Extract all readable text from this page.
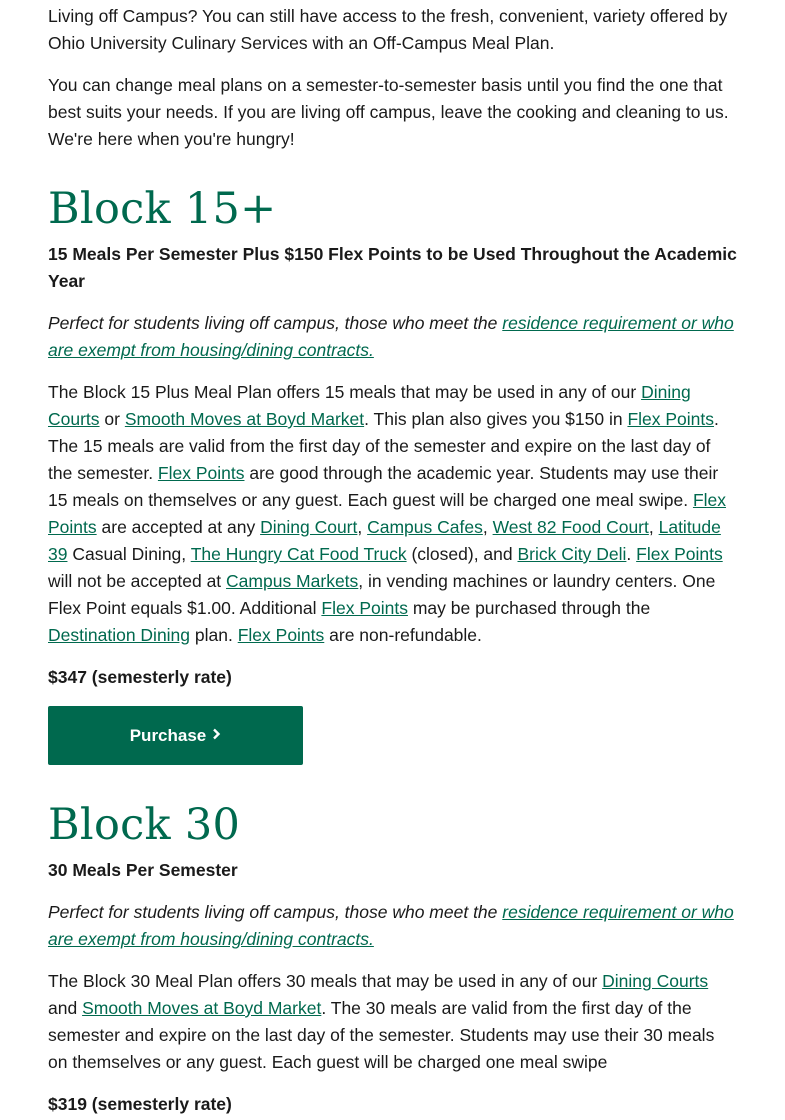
Living off Campus? You can still have access to the fresh, convenient, variety offered by Ohio University Culinary Services with an Off-Campus Meal Plan.

You can change meal plans on a semester-to-semester basis until you find the one that best suits your needs. If you are living off campus, leave the cooking and cleaning to us. We're here when you're hungry!

Block 15+

15 Meals Per Semester Plus $150 Flex Points to be Used Throughout the Academic Year

Perfect for students living off campus, those who meet the residence requirement or who are exempt from housing/dining contracts.

The Block 15 Plus Meal Plan offers 15 meals that may be used in any of our Dining Courts or Smooth Moves at Boyd Market. This plan also gives you $150 in Flex Points. The 15 meals are valid from the first day of the semester and expire on the last day of the semester. Flex Points are good through the academic year. Students may use their 15 meals on themselves or any guest. Each guest will be charged one meal swipe. Flex Points are accepted at any Dining Court, Campus Cafes, West 82 Food Court, Latitude 39 Casual Dining, The Hungry Cat Food Truck (closed), and Brick City Deli. Flex Points will not be accepted at Campus Markets, in vending machines or laundry centers. One Flex Point equals $1.00. Additional Flex Points may be purchased through the Destination Dining plan. Flex Points are non-refundable.

$347 (semesterly rate)

Purchase
Block 30

30 Meals Per Semester

Perfect for students living off campus, those who meet the residence requirement or who are exempt from housing/dining contracts.

The Block 30 Meal Plan offers 30 meals that may be used in any of our Dining Courts and Smooth Moves at Boyd Market. The 30 meals are valid from the first day of the semester and expire on the last day of the semester. Students may use their 30 meals on themselves or any guest. Each guest will be charged one meal swipe

$319 (semesterly rate)
